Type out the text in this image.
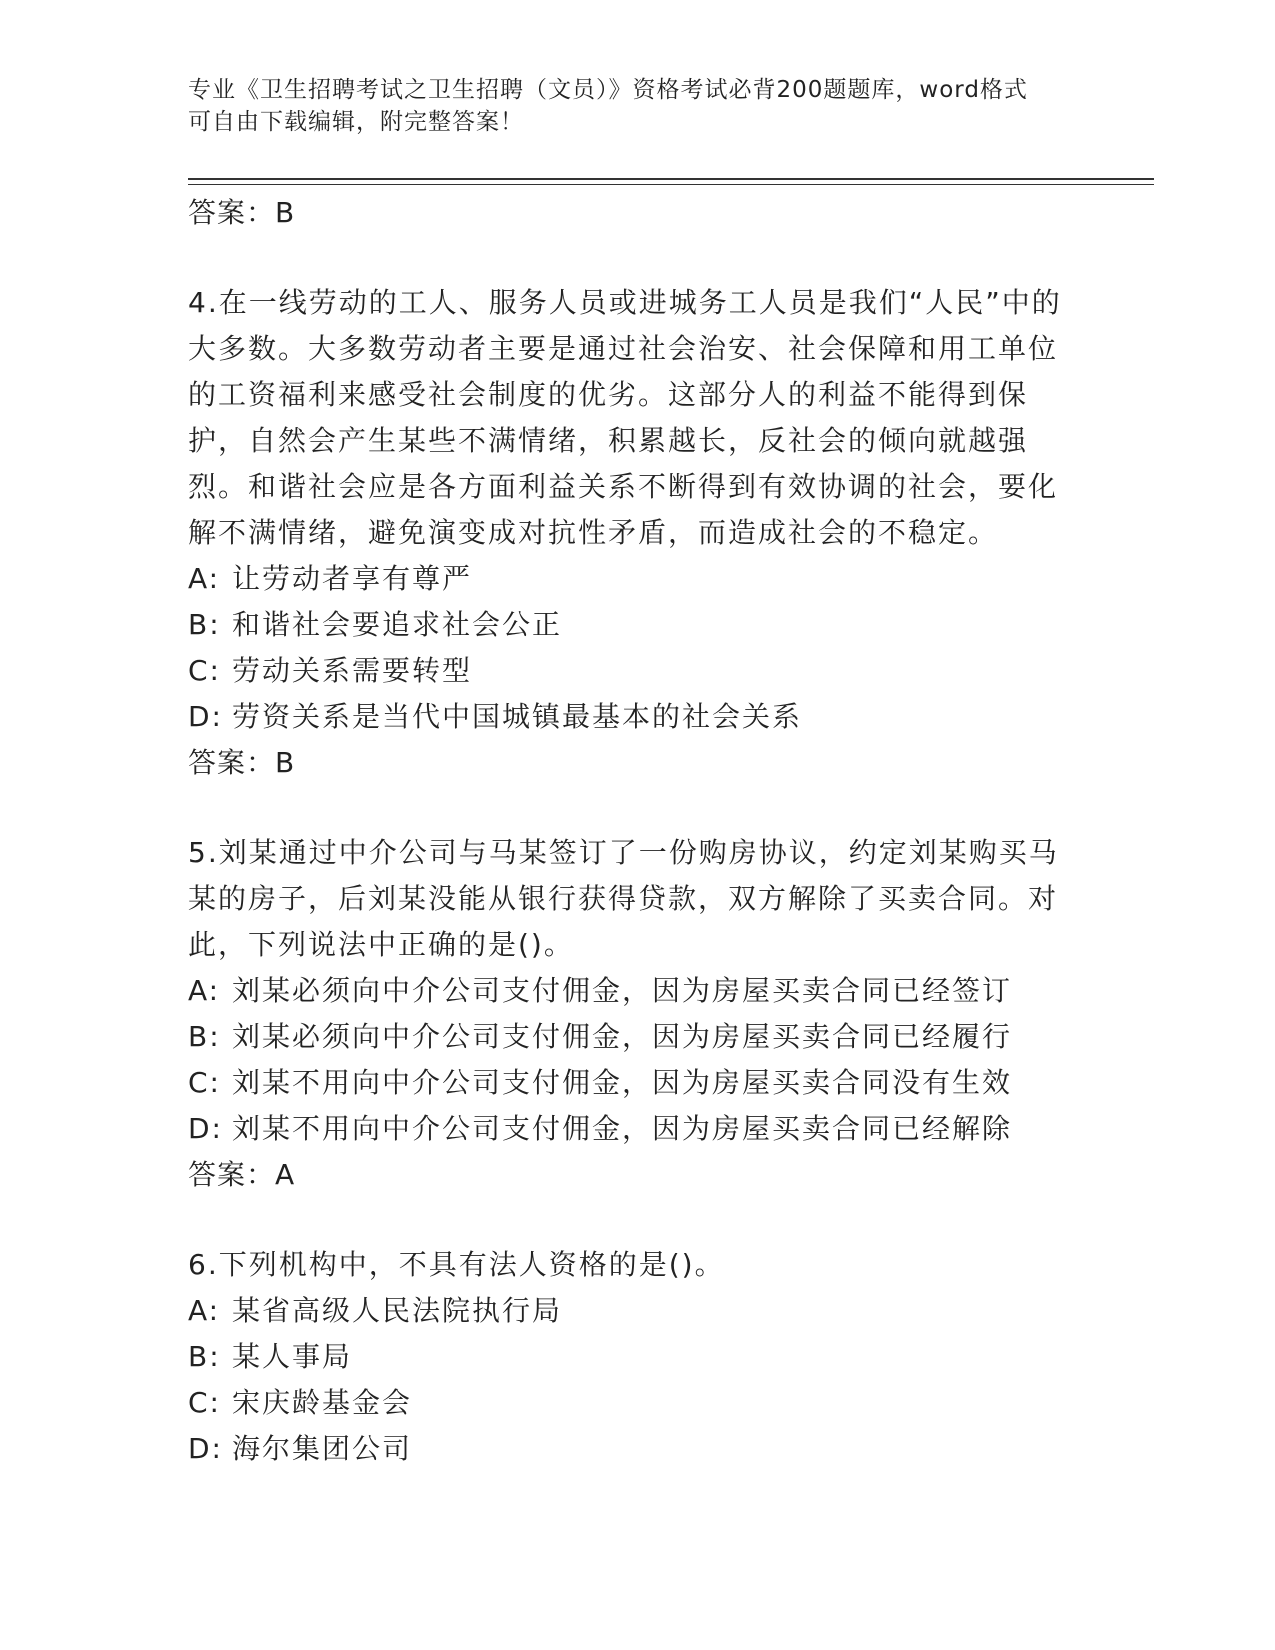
专业《卫生招聘考试之卫生招聘（文员）》资格考试必背200题题库，word格式
可自由下载编辑，附完整答案！
答案：B
4.在一线劳动的工人、服务人员或进城务工人员是我们“人民”中的大多数。大多数劳动者主要是通过社会治安、社会保障和用工单位的工资福利来感受社会制度的优劣。这部分人的利益不能得到保护，自然会产生某些不满情绪，积累越长，反社会的倾向就越强烈。和谐社会应是各方面利益关系不断得到有效协调的社会，要化解不满情绪，避免演变成对抗性矛盾，而造成社会的不稳定。
A: 让劳动者享有尊严
B: 和谐社会要追求社会公正
C: 劳动关系需要转型
D: 劳资关系是当代中国城镇最基本的社会关系
答案：B
5.刘某通过中介公司与马某签订了一份购房协议，约定刘某购买马某的房子，后刘某没能从银行获得贷款，双方解除了买卖合同。对此，下列说法中正确的是()。
A: 刘某必须向中介公司支付佣金，因为房屋买卖合同已经签订
B: 刘某必须向中介公司支付佣金，因为房屋买卖合同已经履行
C: 刘某不用向中介公司支付佣金，因为房屋买卖合同没有生效
D: 刘某不用向中介公司支付佣金，因为房屋买卖合同已经解除
答案：A
6.下列机构中，不具有法人资格的是()。
A: 某省高级人民法院执行局
B: 某人事局
C: 宋庆龄基金会
D: 海尔集团公司
